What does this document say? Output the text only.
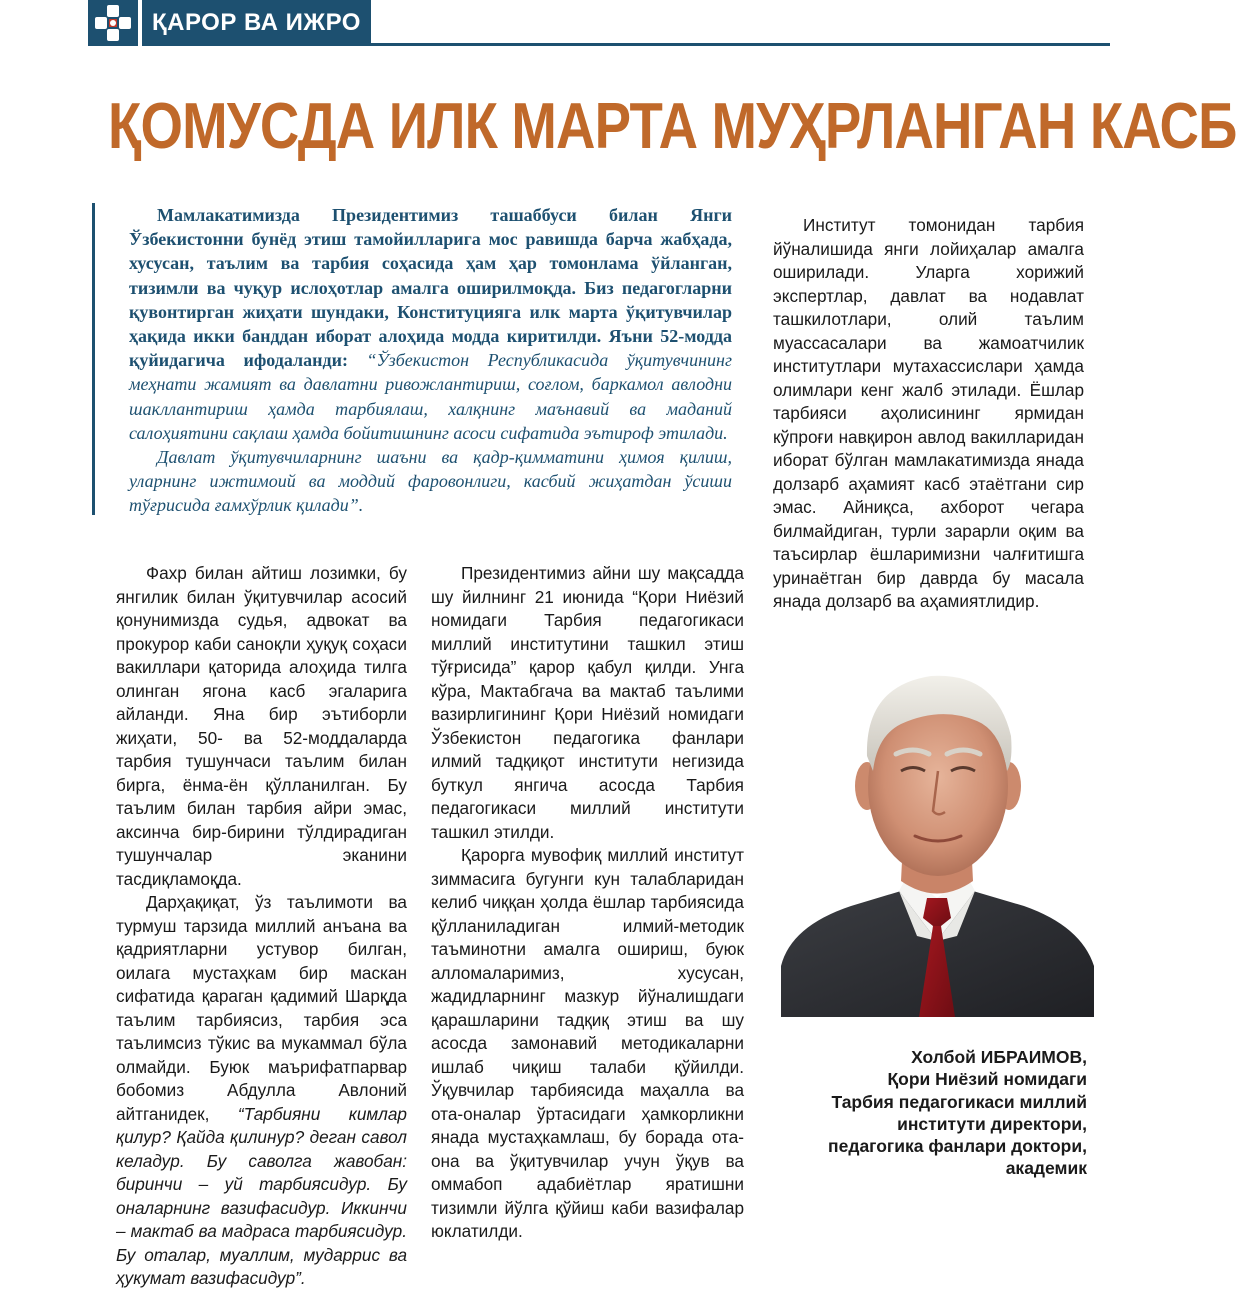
ҚАРОР ВА ИЖРО
ҚОМУСДА ИЛК МАРТА МУҲРЛАНГАН КАСБ

Мамлакатимизда Президентимиз ташаббуси билан Янги Ўзбекистонни бунёд этиш тамойилларига мос равишда барча жабҳада, хусусан, таълим ва тарбия соҳасида ҳам ҳар томонлама ўйланган, тизимли ва чуқур ислоҳотлар амалга оширилмоқда. Биз педагогларни қувонтирган жиҳати шундаки, Конституцияга илк марта ўқитувчилар ҳақида икки банддан иборат алоҳида модда киритилди. Яъни 52-модда қуйидагича ифодаланди: “Ўзбекистон Республикасида ўқитувчининг меҳнати жамият ва давлатни ривожлантириш, соғлом, баркамол авлодни шакллантириш ҳамда тарбиялаш, халқнинг маънавий ва маданий салоҳиятини сақлаш ҳамда бойитишнинг асоси сифатида эътироф этилади.

Давлат ўқитувчиларнинг шаъни ва қадр-қимматини ҳимоя қилиш, уларнинг ижтимоий ва моддий фаровонлиги, касбий жиҳатдан ўсиши тўғрисида ғамхўрлик қилади”.

Фахр билан айтиш лозимки, бу янгилик билан ўқитувчилар асосий қонунимизда судья, адвокат ва прокурор каби саноқли ҳуқуқ соҳаси вакиллари қаторида алоҳида тилга олинган ягона касб эгаларига айланди. Яна бир эътиборли жиҳати, 50- ва 52-моддаларда тарбия тушунчаси таълим билан бирга, ёнма-ён қўлланилган. Бу таълим билан тарбия айри эмас, аксинча бир-бирини тўлдирадиган тушунчалар эканини тасдиқламоқда.

Дарҳақиқат, ўз таълимоти ва турмуш тарзида миллий анъана ва қадриятларни устувор билган, оилага мустаҳкам бир маскан сифатида қараган қадимий Шарқда таълим тарбиясиз, тарбия эса таълимсиз тўкис ва мукаммал бўла олмайди. Буюк маърифатпарвар бобомиз Абдулла Авлоний айтганидек, “Тарбияни кимлар қилур? Қайда қилинур? деган савол келадур. Бу саволга жавобан: биринчи – уй тарбиясидур. Бу оналарнинг вазифасидур. Иккинчи – мактаб ва мадраса тарбиясидур. Бу оталар, муаллим, мударрис ва ҳукумат вазифасидур”.

Президентимиз айни шу мақсадда шу йилнинг 21 июнида “Қори Ниёзий номидаги Тарбия педагогикаси миллий институтини ташкил этиш тўғрисида” қарор қабул қилди. Унга кўра, Мактабгача ва мактаб таълими вазирлигининг Қори Ниёзий номидаги Ўзбекистон педагогика фанлари илмий тадқиқот институти негизида буткул янгича асосда Тарбия педагогикаси миллий институти ташкил этилди.

Қарорга мувофиқ миллий институт зиммасига бугунги кун талабларидан келиб чиққан ҳолда ёшлар тарбиясида қўлланиладиган илмий-методик таъминотни амалга ошириш, буюк алломаларимиз, хусусан, жадидларнинг мазкур йўналишдаги қарашларини тадқиқ этиш ва шу асосда замонавий методикаларни ишлаб чиқиш талаби қўйилди. Ўқувчилар тарбиясида маҳалла ва ота-оналар ўртасидаги ҳамкорликни янада мустаҳкамлаш, бу борада ота-она ва ўқитувчилар учун ўқув ва оммабоп адабиётлар яратишни тизимли йўлга қўйиш каби вазифалар юклатилди.

Институт томонидан тарбия йўналишида янги лойиҳалар амалга оширилади. Уларга хорижий экспертлар, давлат ва нодавлат ташкилотлари, олий таълим муассасалари ва жамоатчилик институтлари мутахассислари ҳамда олимлари кенг жалб этилади. Ёшлар тарбияси аҳолисининг ярмидан кўпроғи навқирон авлод вакилларидан иборат бўлган мамлакатимизда янада долзарб аҳамият касб этаётгани сир эмас. Айниқса, ахборот чегара билмайдиган, турли зарарли оқим ва таъсирлар ёшларимизни чалғитишга уринаётган бир даврда бу масала янада долзарб ва аҳамиятлидир.

Холбой ИБРАИМОВ,
Қори Ниёзий номидаги
Тарбия педагогикаси миллий
институти директори,
педагогика фанлари доктори,
академик
